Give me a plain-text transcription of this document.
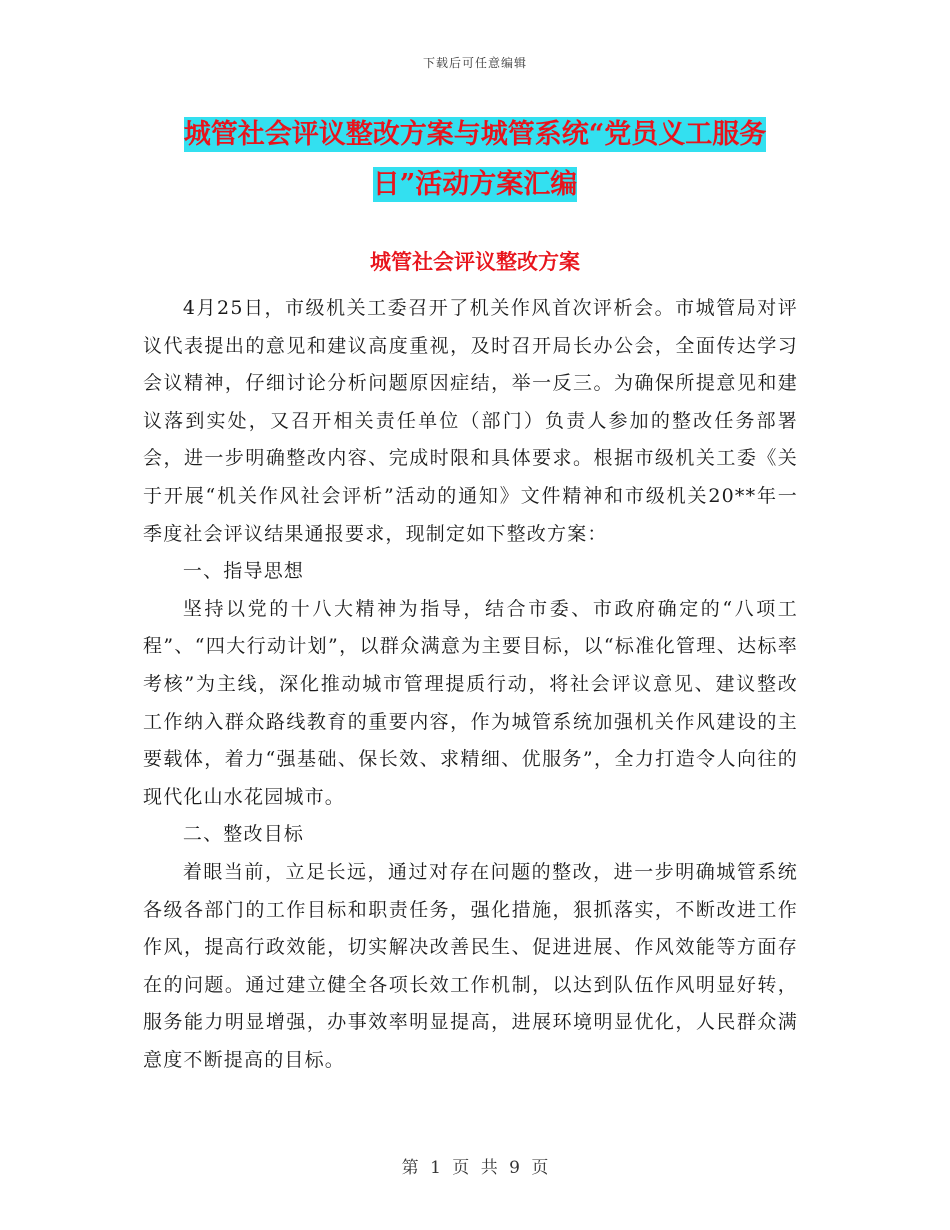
下载后可任意编辑
城管社会评议整改方案与城管系统“党员义工服务
日”活动方案汇编
城管社会评议整改方案

4月25日，市级机关工委召开了机关作风首次评析会。市城管局对评议代表提出的意见和建议高度重视，及时召开局长办公会，全面传达学习会议精神，仔细讨论分析问题原因症结，举一反三。为确保所提意见和建议落到实处，又召开相关责任单位（部门）负责人参加的整改任务部署会，进一步明确整改内容、完成时限和具体要求。根据市级机关工委《关于开展“机关作风社会评析”活动的通知》文件精神和市级机关20**年一季度社会评议结果通报要求，现制定如下整改方案：

一、指导思想

坚持以党的十八大精神为指导，结合市委、市政府确定的“八项工程”、“四大行动计划”，以群众满意为主要目标，以“标准化管理、达标率考核”为主线，深化推动城市管理提质行动，将社会评议意见、建议整改工作纳入群众路线教育的重要内容，作为城管系统加强机关作风建设的主要载体，着力“强基础、保长效、求精细、优服务”，全力打造令人向往的现代化山水花园城市。

二、整改目标

着眼当前，立足长远，通过对存在问题的整改，进一步明确城管系统各级各部门的工作目标和职责任务，强化措施，狠抓落实，不断改进工作作风，提高行政效能，切实解决改善民生、促进进展、作风效能等方面存在的问题。通过建立健全各项长效工作机制，以达到队伍作风明显好转，服务能力明显增强，办事效率明显提高，进展环境明显优化，人民群众满意度不断提高的目标。

第 1 页 共 9 页
